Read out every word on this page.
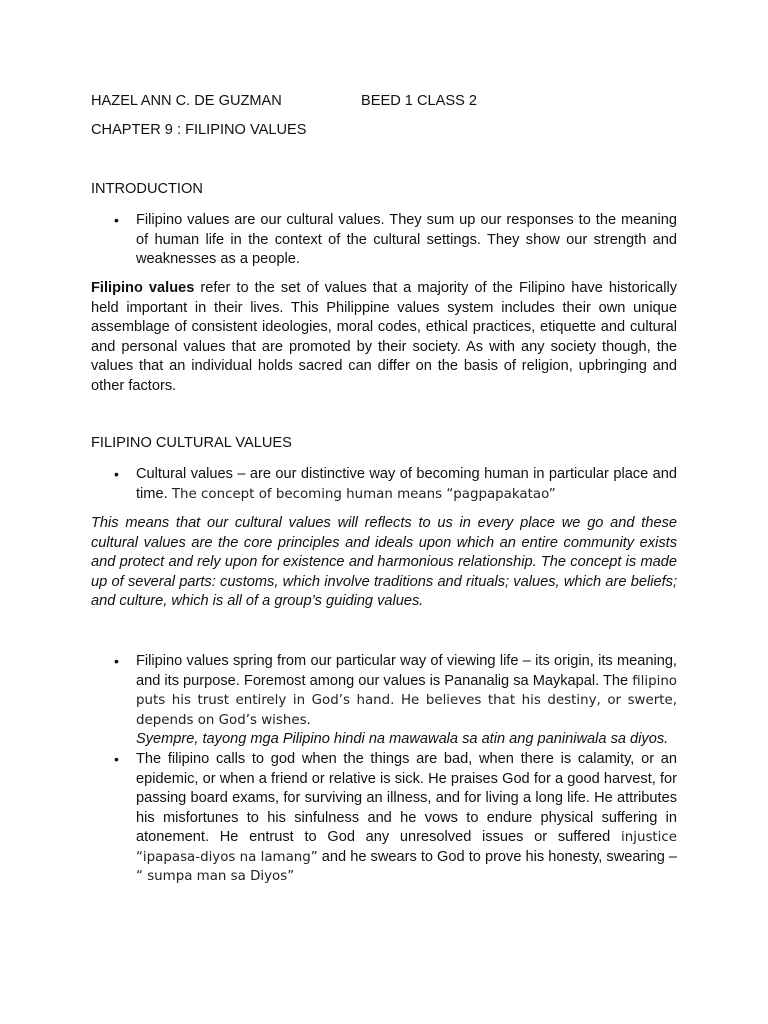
HAZEL ANN C. DE GUZMAN	BEED 1 CLASS 2
CHAPTER 9 : FILIPINO VALUES
INTRODUCTION
• Filipino values are our cultural values. They sum up our responses to the meaning of human life in the context of the cultural settings. They show our strength and weaknesses as a people.
Filipino values refer to the set of values that a majority of the Filipino have historically held important in their lives. This Philippine values system includes their own unique assemblage of consistent ideologies, moral codes, ethical practices, etiquette and cultural and personal values that are promoted by their society. As with any society though, the values that an individual holds sacred can differ on the basis of religion, upbringing and other factors.
FILIPINO CULTURAL VALUES
• Cultural values – are our distinctive way of becoming human in particular place and time. The concept of becoming human means “pagpapakatao”
This means that our cultural values will reflects to us in every place we go and these cultural values are the core principles and ideals upon which an entire community exists and protect and rely upon for existence and harmonious relationship. The concept is made up of several parts: customs, which involve traditions and rituals; values, which are beliefs; and culture, which is all of a group’s guiding values.
• Filipino values spring from our particular way of viewing life – its origin, its meaning, and its purpose. Foremost among our values is Pananalig sa Maykapal. The filipino puts his trust entirely in God’s hand. He believes that his destiny, or swerte, depends on God’s wishes.
Syempre, tayong mga Pilipino hindi na mawawala sa atin ang paniniwala sa diyos.
• The filipino calls to god when the things are bad, when there is calamity, or an epidemic, or when a friend or relative is sick. He praises God for a good harvest, for passing board exams, for surviving an illness, and for living a long life. He attributes his misfortunes to his sinfulness and he vows to endure physical suffering in atonement. He entrust to God any unresolved issues or suffered injustice “ipapasa-diyos na lamang” and he swears to God to prove his honesty, swearing – “ sumpa man sa Diyos”
